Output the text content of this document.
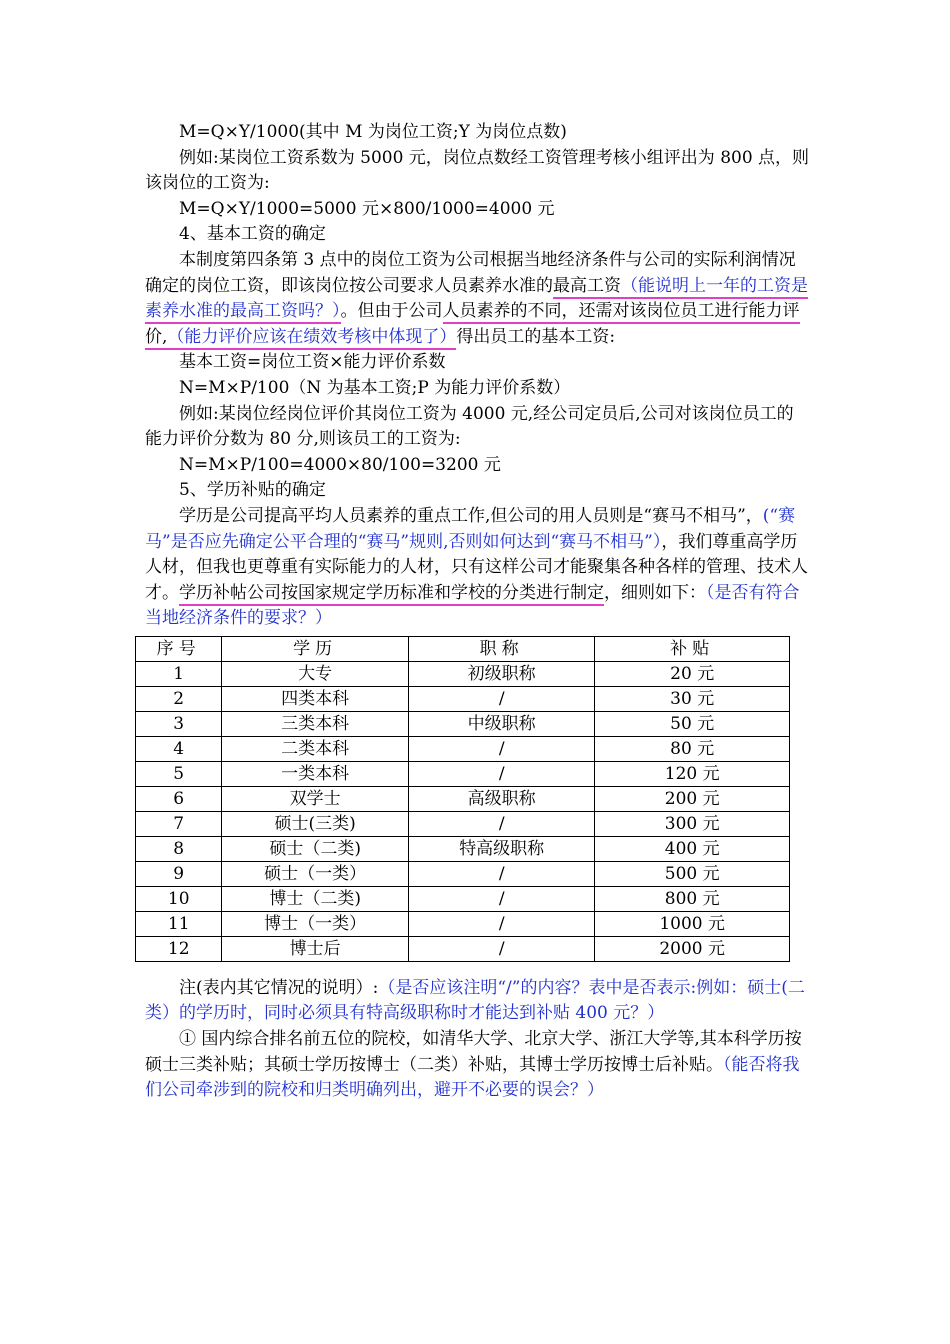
M=Q×Y/1000(其中 M 为岗位工资;Y 为岗位点数)

例如:某岗位工资系数为 5000 元，岗位点数经工资管理考核小组评出为 800 点，则该岗位的工资为:

M=Q×Y/1000=5000 元×800/1000=4000 元

4、基本工资的确定

本制度第四条第 3 点中的岗位工资为公司根据当地经济条件与公司的实际利润情况确定的岗位工资，即该岗位按公司要求人员素养水准的最高工资（能说明上一年的工资是素养水准的最高工资吗？）。但由于公司人员素养的不同，还需对该岗位员工进行能力评价,（能力评价应该在绩效考核中体现了）得出员工的基本工资:

基本工资=岗位工资×能力评价系数

N=M×P/100（N 为基本工资;P 为能力评价系数）

例如:某岗位经岗位评价其岗位工资为 4000 元,经公司定员后,公司对该岗位员工的能力评价分数为 80 分,则该员工的工资为:

N=M×P/100=4000×80/100=3200 元

5、学历补贴的确定

学历是公司提高平均人员素养的重点工作,但公司的用人员则是“赛马不相马”，(“赛马”是否应先确定公平合理的“赛马”规则,否则如何达到“赛马不相马”），我们尊重高学历人材，但我也更尊重有实际能力的人材，只有这样公司才能聚集各种各样的管理、技术人才。学历补帖公司按国家规定学历标准和学校的分类进行制定，细则如下：（是否有符合当地经济条件的要求？）

序号	学历	职称	补贴
1	大专	初级职称	20 元
2	四类本科	/	30 元
3	三类本科	中级职称	50 元
4	二类本科	/	80 元
5	一类本科	/	120 元
6	双学士	高级职称	200 元
7	硕士(三类)	/	300 元
8	硕士（二类)	特高级职称	400 元
9	硕士（一类）	/	500 元
10	博士（二类)	/	800 元
11	博士（一类）	/	1000 元
12	博士后	/	2000 元

注(表内其它情况的说明）:（是否应该注明“/”的内容？表中是否表示:例如：硕士(二类）的学历时，同时必须具有特高级职称时才能达到补贴 400 元？）

① 国内综合排名前五位的院校，如清华大学、北京大学、浙江大学等,其本科学历按硕士三类补贴；其硕士学历按博士（二类）补贴，其博士学历按博士后补贴。（能否将我们公司牵涉到的院校和归类明确列出，避开不必要的误会？）
